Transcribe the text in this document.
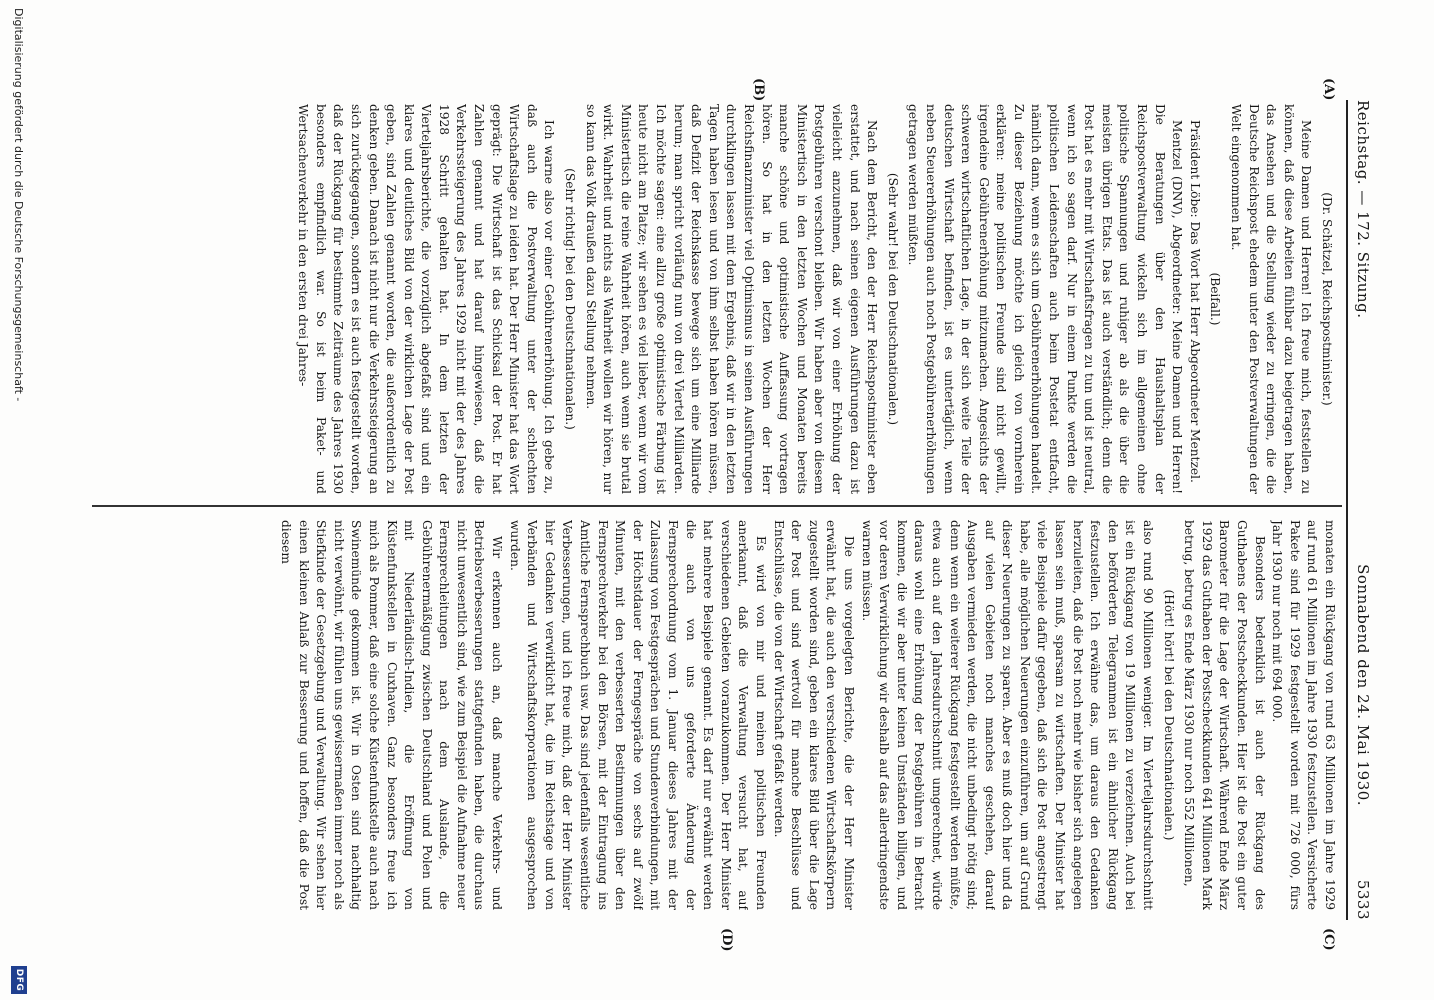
Reichstag. — 172. Sitzung.
Sonnabend den 24. Mai 1930.              5333
(A)
(B)
(C)
(D)

(Dr. Schätzel, Reichspostminister.)

Meine Damen und Herren! Ich freue mich, feststellen zu können, daß diese Arbeiten fühlbar dazu beigetragen haben, das Ansehen und die Stellung wieder zu erringen, die die Deutsche Reichspost ehedem unter den Postverwaltungen der Welt eingenommen hat.

(Beifall.)

Präsident Löbe: Das Wort hat Herr Abgeordneter Mentzel.

Mentzel (DNV), Abgeordneter: Meine Damen und Herren! Die Beratungen über den Haushaltsplan der Reichspostverwaltung wickeln sich im allgemeinen ohne politische Spannungen und ruhiger ab als die über die meisten übrigen Etats. Das ist auch verständlich; denn die Post hat es mehr mit Wirtschaftsfragen zu tun und ist neutral, wenn ich so sagen darf. Nur in einem Punkte werden die politischen Leidenschaften auch beim Postetat entfacht, nämlich dann, wenn es sich um Gebührenerhöhungen handelt. Zu dieser Beziehung möchte ich gleich von vornherein erklären: meine politischen Freunde sind nicht gewillt, irgendeine Gebührenerhöhung mitzumachen. Angesichts der schweren wirtschaftlichen Lage, in der sich weite Teile der deutschen Wirtschaft befinden, ist es untertäglich, wenn neben Steuererhöhungen auch noch Postgebührenerhöhungen getragen werden müßten.

(Sehr wahr! bei den Deutschnationalen.)

Nach dem Bericht, den der Herr Reichspostminister eben erstattet, und nach seinen eigenen Ausführungen dazu ist vielleicht anzunehmen, daß wir von einer Erhöhung der Postgebühren verschont bleiben. Wir haben aber von diesem Ministertisch in den letzten Wochen und Monaten bereits manche schöne und optimistische Auffassung vortragen hören. So hat in den letzten Wochen der Herr Reichsfinanzminister viel Optimismus in seinen Ausführungen durchklingen lassen mit dem Ergebnis, daß wir in den letzten Tagen haben lesen und von ihm selbst haben hören müssen, daß Defizit der Reichskasse bewege sich um eine Milliarde herum; man spricht vorläufig nun von drei Viertel Milliarden. Ich möchte sagen: eine allzu große optimistische Färbung ist heute nicht am Platze; wir sehen es viel lieber, wenn wir vom Ministertisch die reine Wahrheit hören, auch wenn sie brutal wirkt. Wahrheit und nichts als Wahrheit wollen wir hören, nur so kann das Volk draußen dazu Stellung nehmen.

(Sehr richtig! bei den Deutschnationalen.)

Ich warne also vor einer Gebührenerhöhung. Ich gebe zu, daß auch die Postverwaltung unter der schlechten Wirtschaftslage zu leiden hat. Der Herr Minister hat das Wort geprägt: Die Wirtschaft ist das Schicksal der Post. Er hat Zahlen genannt und hat darauf hingewiesen, daß die Verkehrssteigerung des Jahres 1929 nicht mit der des Jahres 1928 Schritt gehalten hat. In dem letzten der Vierteljahrsberichte, die vorzüglich abgefaßt sind und ein klares und deutliches Bild von der wirklichen Lage der Post geben, sind Zahlen genannt worden, die außerordentlich zu denken geben. Danach ist nicht nur die Verkehrssteigerung an sich zurückgegangen, sondern es ist auch festgestellt worden, daß der Rückgang für bestimmte Zeiträume des Jahres 1930 besonders empfindlich war. So ist beim Paket- und Wertsachenverkehr in den ersten drei Jahres-

monaten ein Rückgang von rund 63 Millionen im Jahre 1929 auf rund 61 Millionen im Jahre 1930 festzustellen. Versicherte Pakete sind für 1929 festgestellt worden mit 726 000, fürs Jahr 1930 nur noch mit 694 000.

Besonders bedenklich ist auch der Rückgang des Guthabens der Postscheckkunden. Hier ist die Post ein guter Barometer für die Lage der Wirtschaft. Während Ende März 1929 das Guthaben der Postscheckkunden 641 Millionen Mark betrug, betrug es Ende März 1930 nur noch 552 Millionen,

(Hört! hört! bei den Deutschnationalen.)

also rund 90 Millionen weniger. Im Vierteljahrsdurchschnitt ist ein Rückgang von 19 Millionen zu verzeichnen. Auch bei den beförderten Telegrammen ist ein ähnlicher Rückgang festzustellen. Ich erwähne das, um daraus den Gedanken herzuleiten, daß die Post noch mehr wie bisher sich angelegen lassen sein muß, sparsam zu wirtschaften. Der Minister hat viele Beispiele dafür gegeben, daß sich die Post angestrengt habe, alle möglichen Neuerungen einzuführen, um auf Grund dieser Neuerungen zu sparen. Aber es muß doch hier und da auf vielen Gebieten noch manches geschehen, darauf Ausgaben vermieden werden, die nicht unbedingt nötig sind; denn wenn ein weiterer Rückgang festgestellt werden müßte, etwa auch auf den Jahresdurchschnitt umgerechnet, würde daraus wohl eine Erhöhung der Postgebühren in Betracht kommen, die wir aber unter keinen Umständen billigen, und vor deren Verwirklichung wir deshalb auf das allerdringendste warnen müssen.

Die uns vorgelegten Berichte, die der Herr Minister erwähnt hat, die auch den verschiedenen Wirtschaftskörpern zugestellt worden sind, geben ein klares Bild über die Lage der Post und sind wertvoll für manche Beschlüsse und Entschlüsse, die von der Wirtschaft gefaßt werden.

Es wird von mir und meinen politischen Freunden anerkannt, daß die Verwaltung versucht hat, auf verschiedenen Gebieten voranzukommen. Der Herr Minister hat mehrere Beispiele genannt. Es darf nur erwähnt werden die auch von uns geforderte Änderung der Fernsprechordnung vom 1. Januar dieses Jahres mit der Zulassung von Festgesprächen und Stundenverbindungen, mit der Höchstdauer der Ferngespräche von sechs auf zwölf Minuten, mit den verbesserten Bestimmungen über den Fernsprechverkehr bei den Börsen, mit der Eintragung ins Amtliche Fernsprechbuch usw. Das sind jedenfalls wesentliche Verbesserungen, und ich freue mich, daß der Herr Minister hier Gedanken verwirklicht hat, die im Reichstage und von Verbänden und Wirtschaftskorporationen ausgesprochen wurden.

Wir erkennen auch an, daß manche Verkehrs- und Betriebsverbesserungen stattgefunden haben, die durchaus nicht unwesentlich sind, wie zum Beispiel die Aufnahme neuer Fernsprechleitungen nach dem Auslande, die Gebührenermäßigung zwischen Deutschland und Polen und mit Niederländisch-Indien, die Eröffnung von Küstenfunkstellen in Cuxhaven. Ganz besonders freue ich mich als Pommer, daß eine solche Küstenfunkstelle auch nach Swinemünde gekommen ist. Wir in Osten sind nachhaltig nicht verwöhnt, wir fühlen uns gewissermaßen immer noch als Stiefkinde der Gesetzgebung und Verwaltung. Wir sehen hier einen kleinen Anlaß zur Besserung und hoffen, daß die Post diesem

Digitalisierung gefördert durch die Deutsche Forschungsgemeinschaft -
DFG
